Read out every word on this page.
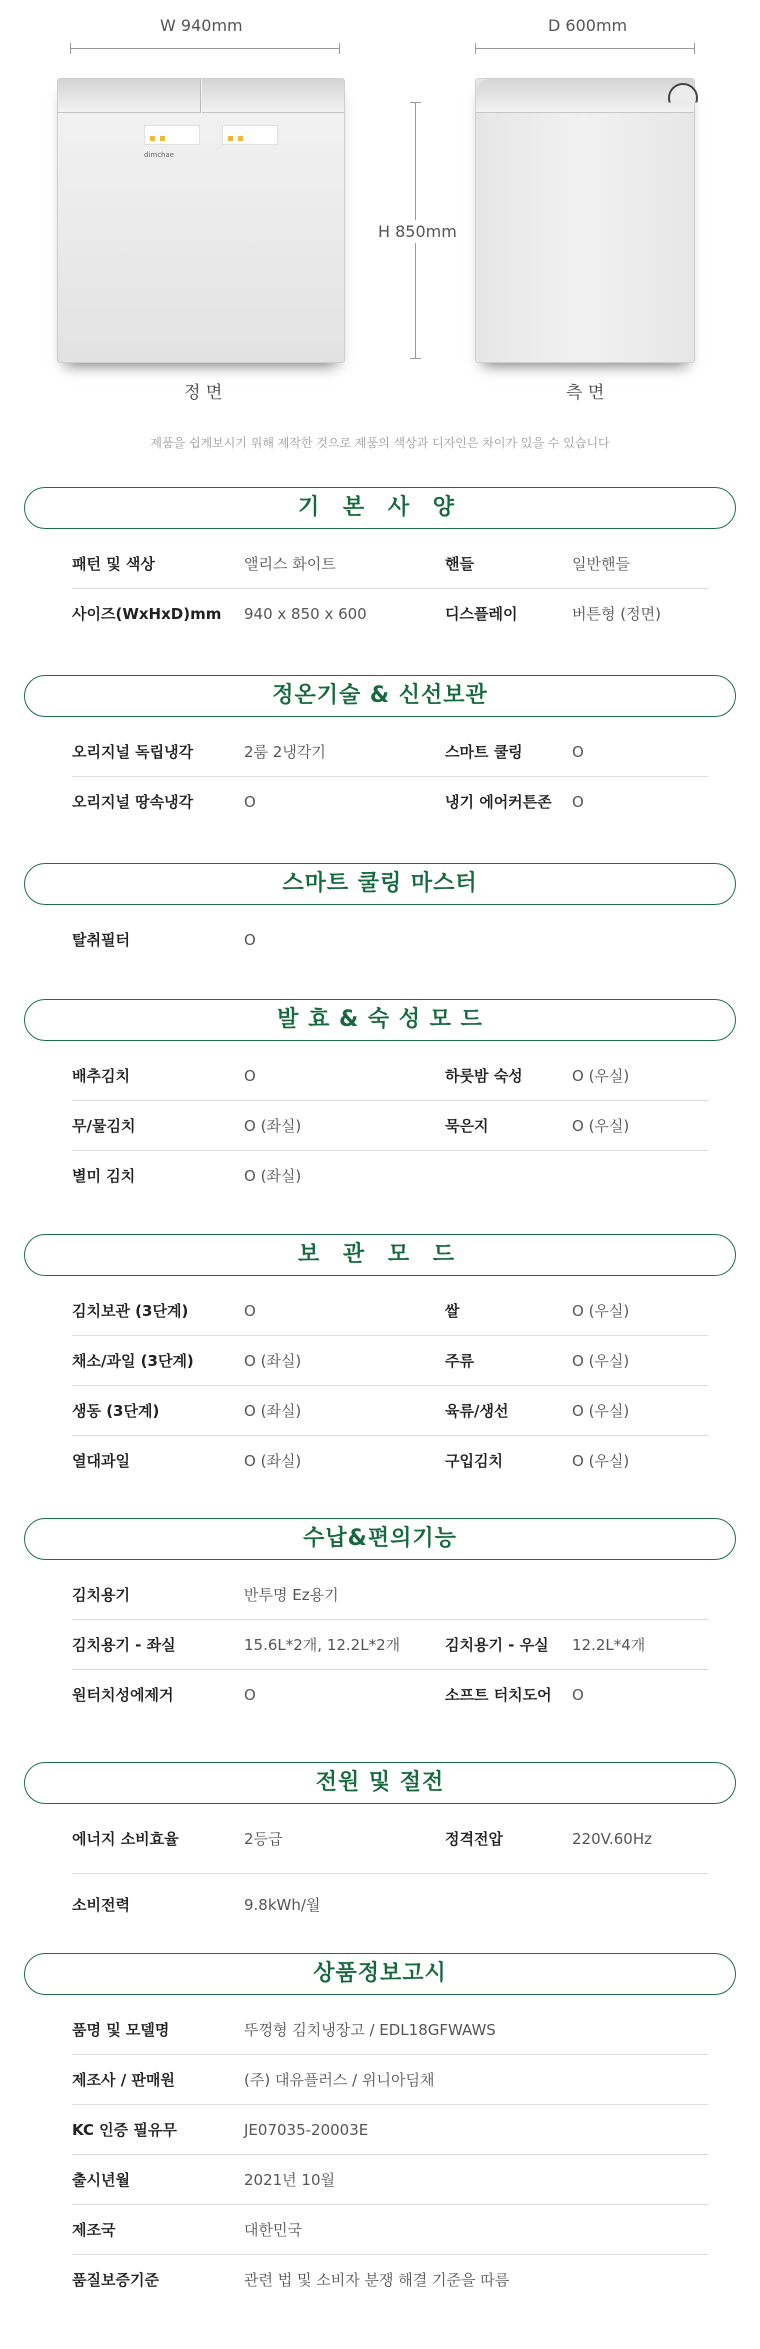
W 940mm	D 600mm
H 850mm
dimchae
정 면	측 면
제품을 쉽게보시기 위해 제작한 것으로 제품의 색상과 디자인은 차이가 있을 수 있습니다
기 본 사 양
패턴 및 색상	앨리스 화이트	핸들	일반핸들
사이즈(WxHxD)mm 940 x 850 x 600	디스플레이	버튼형 (정면)
정온기술 & 신선보관
오리지널 독립냉각	2룸 2냉각기	스마트 쿨링	O
오리지널 땅속냉각	O	냉기 에어커튼존 O
스마트 쿨링 마스터
탈취필터	O
발 효 & 숙 성 모 드
배추김치	O	하룻밤 숙성	O (우실)
무/물김치	O (좌실)	묵은지	O (우실)
별미 김치	O (좌실)
보 관 모 드
김치보관 (3단계)	O	쌀	O (우실)
채소/과일 (3단계)	O (좌실)	주류	O (우실)
생동 (3단계)	O (좌실)	육류/생선	O (우실)
열대과일	O (좌실)	구입김치	O (우실)
수납&편의기능
김치용기	반투명 Ez용기
김치용기 - 좌실	15.6L*2개, 12.2L*2개	김치용기 - 우실 12.2L*4개
원터치성에제거	O	소프트 터치도어 O
전원 및 절전
에너지 소비효율	2등급	정격전압	220V.60Hz
소비전력	9.8kWh/월
상품정보고시
품명 및 모델명	뚜껑형 김치냉장고 / EDL18GFWAWS
제조사 / 판매원	(주) 대유플러스 / 위니아딤채
KC 인증 필유무	JE07035-20003E
출시년월	2021년 10월
제조국	대한민국
품질보증기준	관련 법 및 소비자 분쟁 해결 기준을 따름
